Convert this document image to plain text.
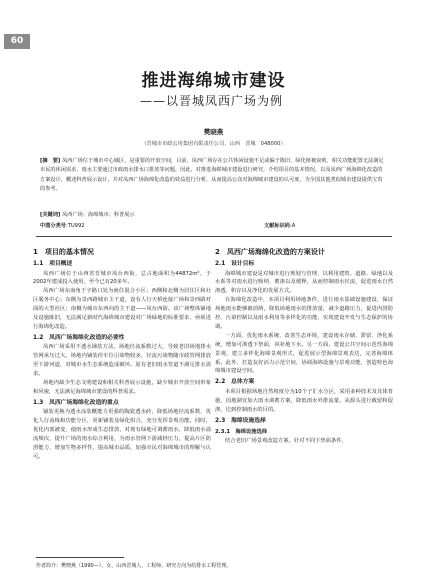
60
推进海绵城市建设
——以晋城凤西广场为例
樊晓燕
（晋城市市政公用集团有限责任公司，山西　晋城　048000）

[摘　要] 凤西广场位于城市中心城区，是重要的开放空间，目前，凤西广场存在公共休闲设施不足或偏于陈旧、绿化植被衰败、相关功能配置无法满足市民的休闲需求、雨水主要通过市政雨水排水口排放等问题。因此，对推进海绵城市建设进行研究，介绍项目的基本情况，以及凤西广场海绵化改造的方案设计，概述科普展示设计，并对凤西广场海绵化改造的效益进行分析，从而提高公众对海绵城市建设的认可度，为全国其他类似城市建设提供宝贵的参考。

[关键词] 凤西广场；海绵城市；科普展示
中图分类号:TU992	文献标识码:A
1　项目的基本情况
1.1　项目概述

凤西广场位于山西省晋城市凤台西街，总占地面积为44872m²，于2002年建成投入使用，至今已有20多年。

凤西广场东南角于字路口处为商住混合小区；西侧和北侧为居住区和社区服务中心；东侧为景西路城市主干道，设有人行天桥连接广场和景西路对面的大型社区；南侧为城市东西向的主干道——凤台西街。该广场整体铺地及设施陈旧，无法满足新时代海绵城市建设对广场绿地的标准要求，亟须进行海绵化改造。

1.2　凤西广场海绵化改造的必要性

凤西广场采用不透水铺装方法，场地径流系数过大，导致老旧场地排水管网承压过大。场地内铺装停车位引染物较多，径流污染物随市政管网排放至下游河道，对城市水生态系统造成破坏。原有老旧雨水管道不满足排水需求。

场地内缺少生态文明建设和相关科普展示设施，缺少城市开放空间形象和风貌，无法满足海绵城市建设的科普需求。

1.3　凤西广场海绵化改造的重点

铺装更换为透水涂装概能力更强的陶瓷透水砖，降低场地径流系数，优化人行流线和功能分区，更新铺装及绿化组合，充分发挥景观功能。同时，优化内部被变，使雨水形成生态排放，对现有绿地可调蓄雨水，降低雨水溢流频次，提升广场的雨水综合利用，为雨水管网下游减轻压力，提高片区防涝能力，增加生物多样性，提高城市品质，加强市民对海绵城市的理解与认可。

2　凤西广场海绵化改造的方案设计
2.1　设计目标

海绵城市建设是对城市进行规划与管理，以利用建筑、道路、绿地以及水系等对雨水进行吸纳、蓄渗以及缓释，从而控制雨水径流，促进雨水自然渗透、积存以及净化的发展方式。

在海绵化改造中，本项目利用场地条件，进行雨水基础设施建设，保证场地雨水能够被消纳，降低场地雨水的排放量，减少道路压力，促进内涝防控、污染控制以及雨水利用等多样化的功能，实现建设开发与生态保护的协调。

一方面，优化雨水系统，改善生态环境，建设雨水存储、滞留、净化系统，增加可渗透下垫面，回补地下水。另一方面，建设公共空间示范性海绵景观，建立多样化海绵景观形式，促进展示型海绵景观表达，完善海绵体系。此外，打造友好活力示范空间，协调海绵设施与景观功能，创造特色海绵城市建设空间。

2.2　总体方案

本项目根据场地自然坡度分为10个子汇水分区，采用多种技术及其体育施，因地制宜加大雨水调蓄方案，降低雨水外排流量，从源头进行截留和促渗，达到控制雨水的目的。

2.3　海绵设施选择
2.3.1　海绵设施选择

结合老旧广场景观改造方案，针对不同下垫面条件，

作者简介：樊晓燕（1990—），女，山西晋城人，工程师，研究方向为给排水工程管理。
